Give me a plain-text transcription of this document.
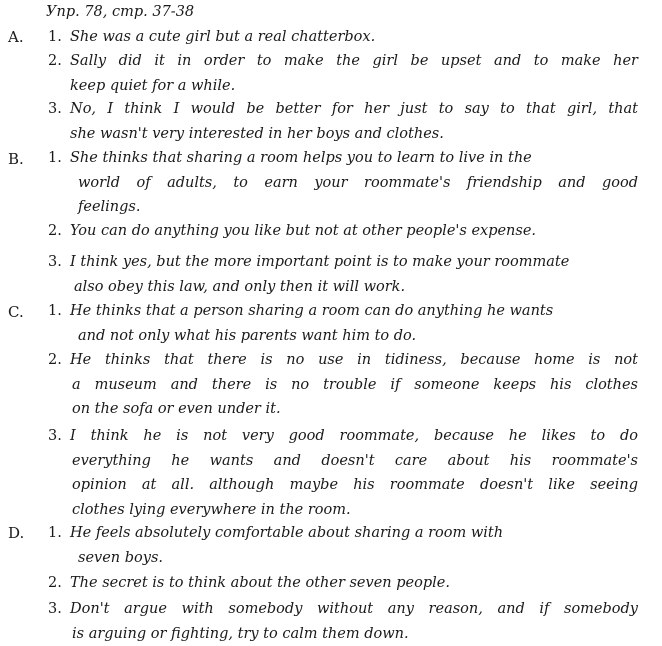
Упр. 78, стр. 37-38
A. 1. She was a cute girl but a real chatterbox.
2. Sally did it in order to make the girl be upset and to make her
keep quiet for a while.
3. No, I think I would be better for her just to say to that girl, that
she wasn't very interested in her boys and clothes.
B. 1. She thinks that sharing a room helps you to learn to live in the
world of adults, to earn your roommate's friendship and good
feelings.
2. You can do anything you like but not at other people's expense.
3. I think yes, but the more important point is to make your roommate
also obey this law, and only then it will work.
C. 1. He thinks that a person sharing a room can do anything he wants
and not only what his parents want him to do.
2. He thinks that there is no use in tidiness, because home is not
a museum and there is no trouble if someone keeps his clothes
on the sofa or even under it.
3. I think he is not very good roommate, because he likes to do
everything he wants and doesn't care about his roommate's
opinion at all. although maybe his roommate doesn't like seeing
clothes lying everywhere in the room.
D. 1. He feels absolutely comfortable about sharing a room with
seven boys.
2. The secret is to think about the other seven people.
3. Don't argue with somebody without any reason, and if somebody
is arguing or fighting, try to calm them down.
